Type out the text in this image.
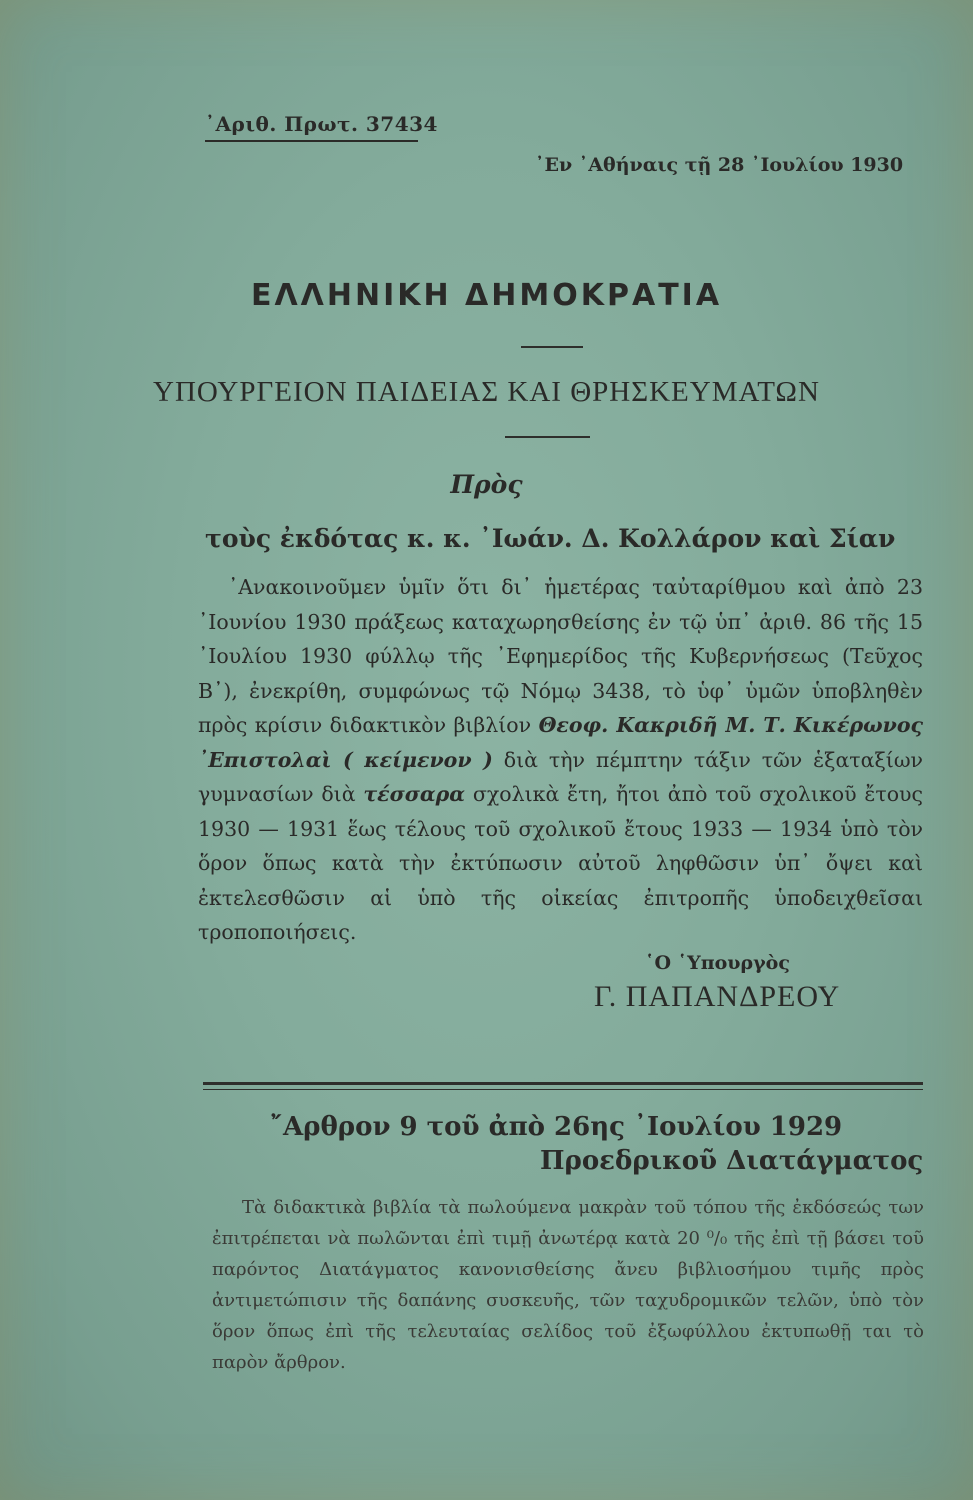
᾿Αριθ. Πρωτ. 37434
᾿Εν ᾿Αθήναις τῇ 28 ᾿Ιουλίου 1930
ΕΛΛΗΝΙΚΗ ΔΗΜΟΚΡΑΤΙΑ
ΥΠΟΥΡΓΕΙΟΝ ΠΑΙΔΕΙΑΣ ΚΑΙ ΘΡΗΣΚΕΥΜΑΤΩΝ
Πρὸς
τοὺς ἐκδότας κ. κ. ᾿Ιωάν. Δ. Κολλάρον καὶ Σίαν

᾿Ανακοινοῦμεν ὑμῖν ὅτι δι᾿ ἡμετέρας ταὐταρίθμου καὶ ἀπὸ 23 ᾿Ιουνίου 1930 πράξεως καταχωρησθείσης ἐν τῷ ὑπ᾿ ἀριθ. 86 τῆς 15 ᾿Ιουλίου 1930 φύλλῳ τῆς ᾿Εφημερίδος τῆς Κυβερνήσεως (Τεῦχος Β᾿), ἐνεκρίθη, συμφώνως τῷ Νόμῳ 3438, τὸ ὑφ᾿ ὑμῶν ὑποβληθὲν πρὸς κρίσιν διδακτικὸν βιβλίον Θεοφ. Κακριδῆ Μ. Τ. Κικέρωνος ᾿Επιστολαὶ ( κείμενον ) διὰ τὴν πέμπτην τάξιν τῶν ἑξαταξίων γυμνασίων διὰ τέσσαρα σχολικὰ ἔτη, ἤτοι ἀπὸ τοῦ σχολικοῦ ἔτους 1930 — 1931 ἕως τέλους τοῦ σχολικοῦ ἔτους 1933 — 1934 ὑπὸ τὸν ὅρον ὅπως κατὰ τὴν ἐκτύπωσιν αὐτοῦ ληφθῶσιν ὑπ᾿ ὄψει καὶ ἐκτελεσθῶσιν αἱ ὑπὸ τῆς οἰκείας ἐπιτροπῆς ὑποδειχθεῖσαι τροποποιήσεις.

῾Ο ῾Υπουργὸς
Γ. ΠΑΠΑΝΔΡΕΟΥ
῎Αρθρον 9 τοῦ ἀπὸ 26ης ᾿Ιουλίου 1929
Προεδρικοῦ Διατάγματος

Τὰ διδακτικὰ βιβλία τὰ πωλούμενα μακρὰν τοῦ τόπου τῆς ἐκδόσεώς των ἐπιτρέπεται νὰ πωλῶνται ἐπὶ τιμῇ ἀνωτέρᾳ κατὰ 20 ⁰/₀ τῆς ἐπὶ τῇ βάσει τοῦ παρόντος Διατάγματος κανονισθείσης ἄνευ βιβλιοσήμου τιμῆς πρὸς ἀντιμετώπισιν τῆς δαπάνης συσκευῆς, τῶν ταχυδρομικῶν τελῶν, ὑπὸ τὸν ὅρον ὅπως ἐπὶ τῆς τελευταίας σελίδος τοῦ ἐξωφύλλου ἐκτυπωθῇ ται τὸ παρὸν ἄρθρον.
